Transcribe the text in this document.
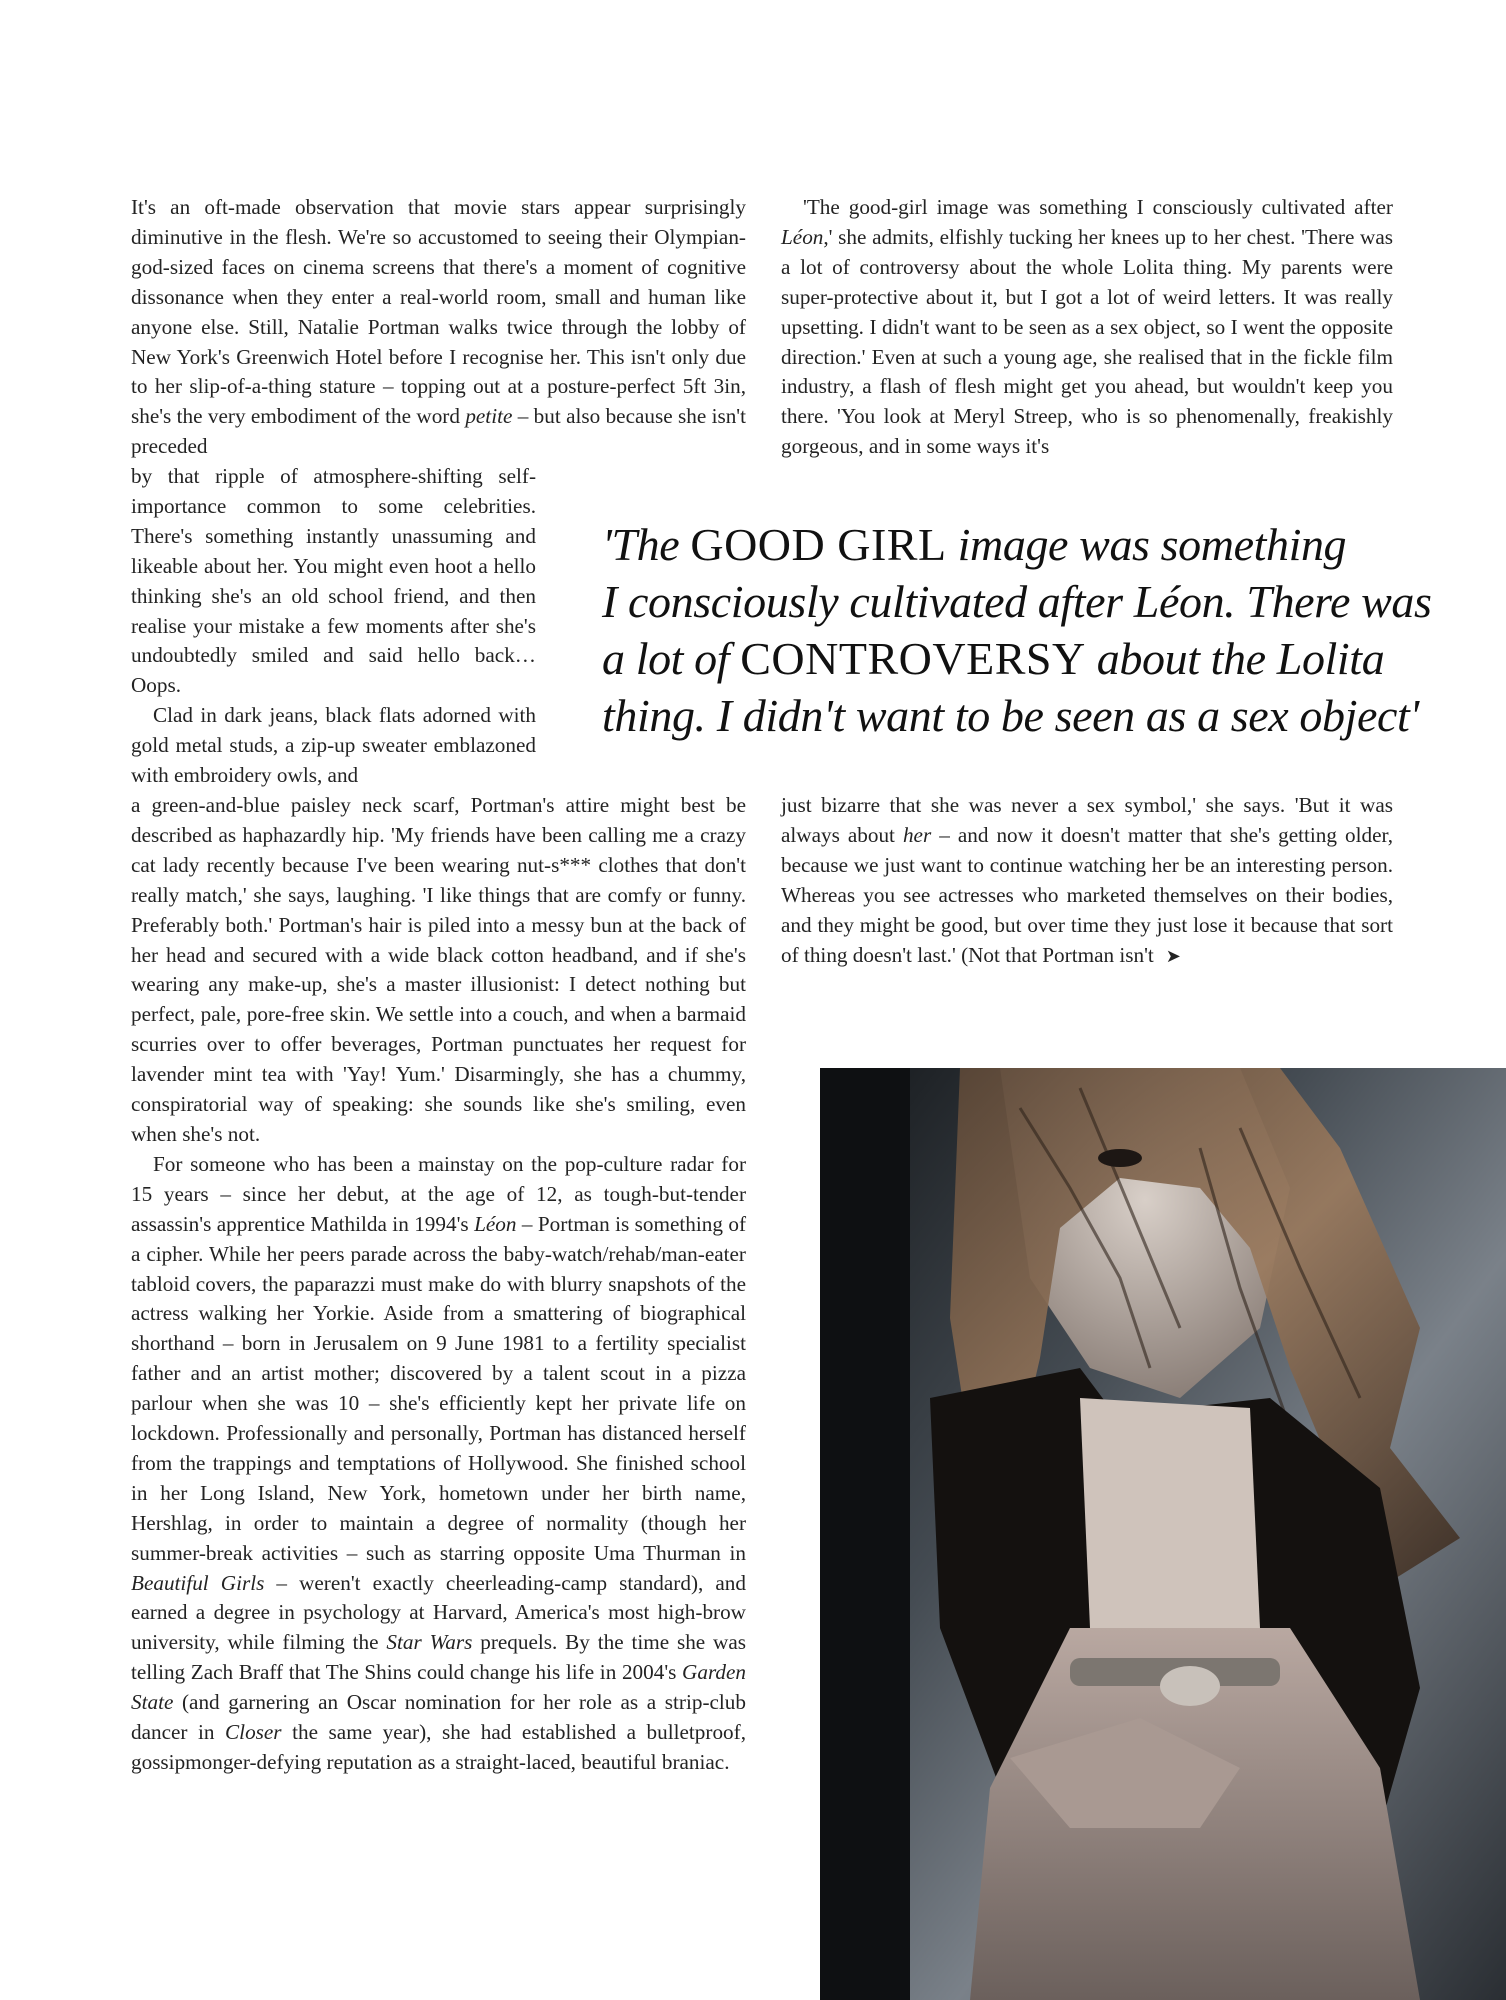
It's an oft-made observation that movie stars appear surprisingly diminutive in the flesh. We're so accustomed to seeing their Olympian-god-sized faces on cinema screens that there's a moment of cognitive dissonance when they enter a real-world room, small and human like anyone else. Still, Natalie Portman walks twice through the lobby of New York's Greenwich Hotel before I recognise her. This isn't only due to her slip-of-a-thing stature – topping out at a posture-perfect 5ft 3in, she's the very embodiment of the word petite – but also because she isn't preceded

by that ripple of atmosphere-shifting self-importance common to some celebrities. There's something instantly unassuming and likeable about her. You might even hoot a hello thinking she's an old school friend, and then realise your mistake a few moments after she's undoubtedly smiled and said hello back… Oops.

Clad in dark jeans, black flats adorned with gold metal studs, a zip-up sweater emblazoned with embroidery owls, and

a green-and-blue paisley neck scarf, Portman's attire might best be described as haphazardly hip. 'My friends have been calling me a crazy cat lady recently because I've been wearing nut-s*** clothes that don't really match,' she says, laughing. 'I like things that are comfy or funny. Preferably both.' Portman's hair is piled into a messy bun at the back of her head and secured with a wide black cotton headband, and if she's wearing any make-up, she's a master illusionist: I detect nothing but perfect, pale, pore-free skin. We settle into a couch, and when a barmaid scurries over to offer beverages, Portman punctuates her request for lavender mint tea with 'Yay! Yum.' Disarmingly, she has a chummy, conspiratorial way of speaking: she sounds like she's smiling, even when she's not.

For someone who has been a mainstay on the pop-culture radar for 15 years – since her debut, at the age of 12, as tough-but-tender assassin's apprentice Mathilda in 1994's Léon – Portman is something of a cipher. While her peers parade across the baby-watch/rehab/man-eater tabloid covers, the paparazzi must make do with blurry snapshots of the actress walking her Yorkie. Aside from a smattering of biographical shorthand – born in Jerusalem on 9 June 1981 to a fertility specialist father and an artist mother; discovered by a talent scout in a pizza parlour when she was 10 – she's efficiently kept her private life on lockdown. Professionally and personally, Portman has distanced herself from the trappings and temptations of Hollywood. She finished school in her Long Island, New York, hometown under her birth name, Hershlag, in order to maintain a degree of normality (though her summer-break activities – such as starring opposite Uma Thurman in Beautiful Girls – weren't exactly cheerleading-camp standard), and earned a degree in psychology at Harvard, America's most high-brow university, while filming the Star Wars prequels. By the time she was telling Zach Braff that The Shins could change his life in 2004's Garden State (and garnering an Oscar nomination for her role as a strip-club dancer in Closer the same year), she had established a bulletproof, gossipmonger-defying reputation as a straight-laced, beautiful braniac.

'The good-girl image was something I consciously cultivated after Léon,' she admits, elfishly tucking her knees up to her chest. 'There was a lot of controversy about the whole Lolita thing. My parents were super-protective about it, but I got a lot of weird letters. It was really upsetting. I didn't want to be seen as a sex object, so I went the opposite direction.' Even at such a young age, she realised that in the fickle film industry, a flash of flesh might get you ahead, but wouldn't keep you there. 'You look at Meryl Streep, who is so phenomenally, freakishly gorgeous, and in some ways it's

'The GOOD GIRL image was something
I consciously cultivated after Léon. There was
a lot of CONTROVERSY about the Lolita
thing. I didn't want to be seen as a sex object'

just bizarre that she was never a sex symbol,' she says. 'But it was always about her – and now it doesn't matter that she's getting older, because we just want to continue watching her be an interesting person. Whereas you see actresses who marketed themselves on their bodies, and they might be good, but over time they just lose it because that sort of thing doesn't last.' (Not that Portman isn't ➤
